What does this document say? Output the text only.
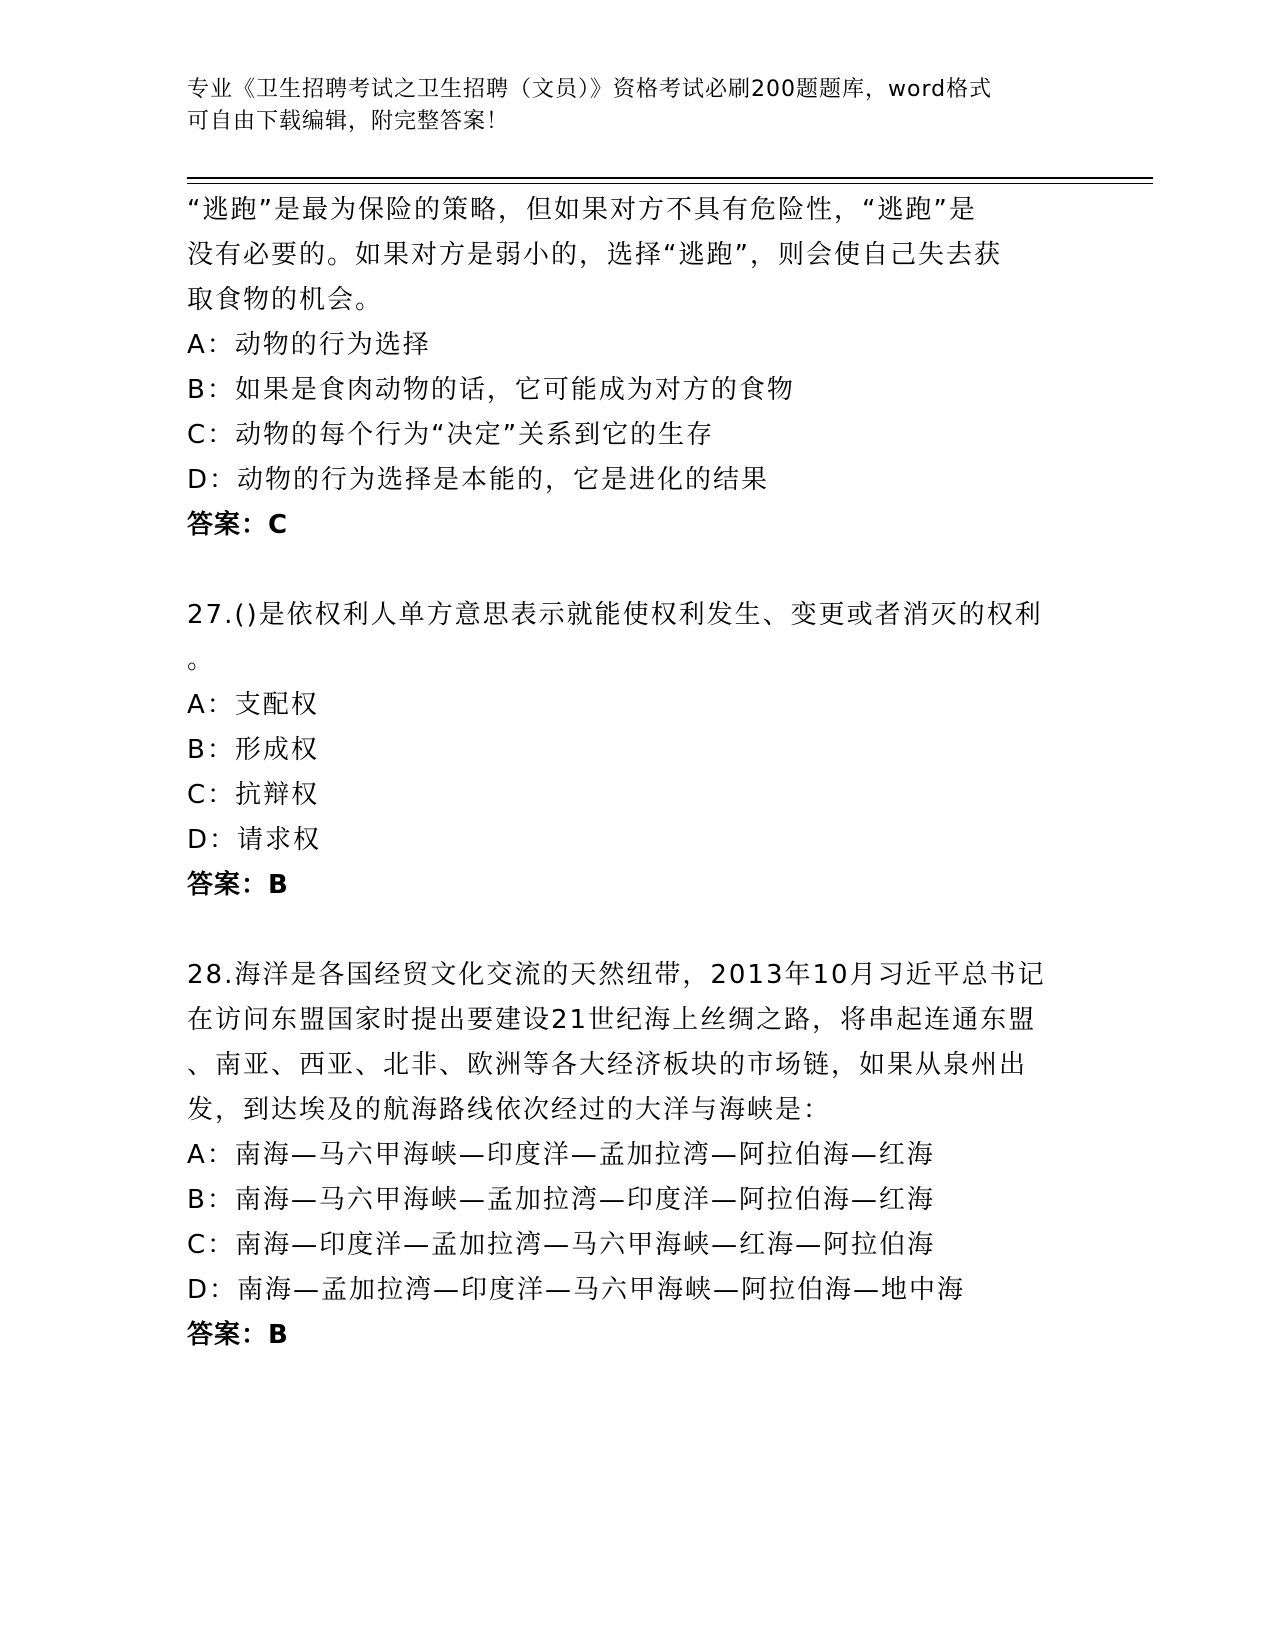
专业《卫生招聘考试之卫生招聘（文员）》资格考试必刷200题题库，word格式
可自由下载编辑，附完整答案！
“逃跑”是最为保险的策略，但如果对方不具有危险性，“逃跑”是
没有必要的。如果对方是弱小的，选择“逃跑”，则会使自己失去获
取食物的机会。
A：动物的行为选择
B：如果是食肉动物的话，它可能成为对方的食物
C：动物的每个行为“决定”关系到它的生存
D：动物的行为选择是本能的，它是进化的结果
答案：C
27.()是依权利人单方意思表示就能使权利发生、变更或者消灭的权利
。
A：支配权
B：形成权
C：抗辩权
D：请求权
答案：B
28.海洋是各国经贸文化交流的天然纽带，2013年10月习近平总书记
在访问东盟国家时提出要建设21世纪海上丝绸之路，将串起连通东盟
、南亚、西亚、北非、欧洲等各大经济板块的市场链，如果从泉州出
发，到达埃及的航海路线依次经过的大洋与海峡是：
A：南海—马六甲海峡—印度洋—孟加拉湾—阿拉伯海—红海
B：南海—马六甲海峡—孟加拉湾—印度洋—阿拉伯海—红海
C：南海—印度洋—孟加拉湾—马六甲海峡—红海—阿拉伯海
D：南海—孟加拉湾—印度洋—马六甲海峡—阿拉伯海—地中海
答案：B
